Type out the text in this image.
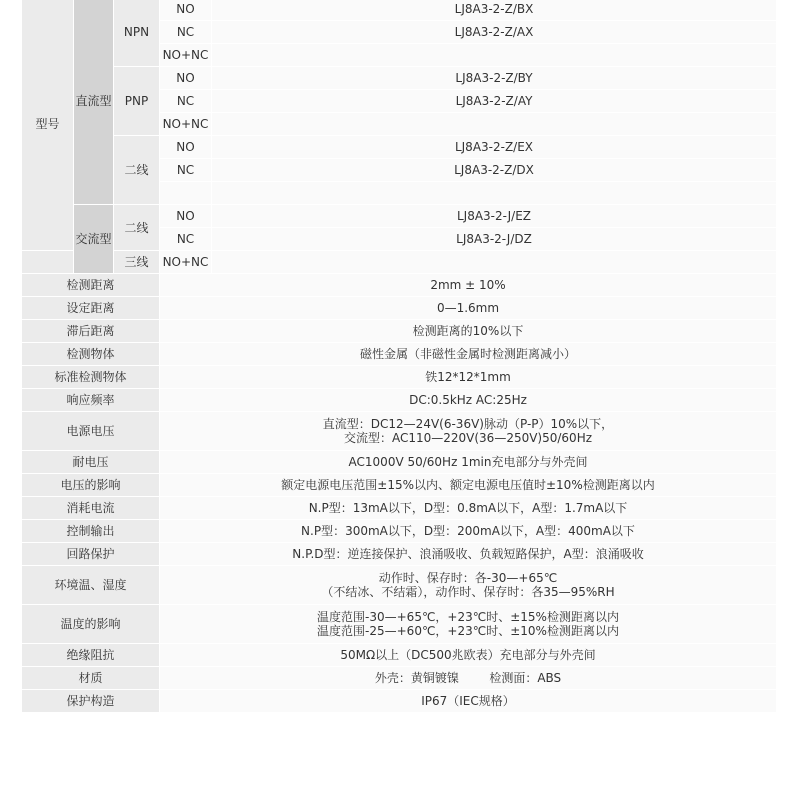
型号	直流型	NPN	NO	LJ8A3-2-Z/BX
			NC	LJ8A3-2-Z/AX
			NO+NC	
		PNP	NO	LJ8A3-2-Z/BY
			NC	LJ8A3-2-Z/AY
			NO+NC	
		二线	NO	LJ8A3-2-Z/EX
			NC	LJ8A3-2-Z/DX

	交流型	二线	NO	LJ8A3-2-J/EZ
			NC	LJ8A3-2-J/DZ
		三线	NO+NC	
检测距离			2mm ± 10%	
设定距离			0—1.6mm	
滞后距离			检测距离的10%以下	
检测物体			磁性金属（非磁性金属时检测距离减小）	
标准检测物体			铁12*12*1mm	
响应频率			DC:0.5kHz AC:25Hz	
电源电压			直流型：DC12—24V(6-36V)脉动（P-P）10%以下，
交流型：AC110—220V(36—250V)50/60Hz	

耐电压			AC1000V 50/60Hz 1min充电部分与外壳间	
电压的影响			额定电源电压范围±15%以内、额定电源电压值时±10%检测距离以内	
消耗电流			N.P型：13mA以下，D型：0.8mA以下，A型：1.7mA以下	
控制输出			N.P型：300mA以下，D型：200mA以下，A型：400mA以下	
回路保护			N.P.D型：逆连接保护、浪涌吸收、负载短路保护，A型：浪涌吸收	
环境温、湿度			动作时、保存时：各-30—+65℃
（不结冰、不结霜），动作时、保存时：各35—95%RH	

温度的影响			温度范围-30—+65℃，+23℃时、±15%检测距离以内
温度范围-25—+60℃，+23℃时、±10%检测距离以内	

绝缘阻抗			50MΩ以上（DC500兆欧表）充电部分与外壳间	
材质			外壳：黄铜镀镍        检测面：ABS	
保护构造			IP67（IEC规格）	
